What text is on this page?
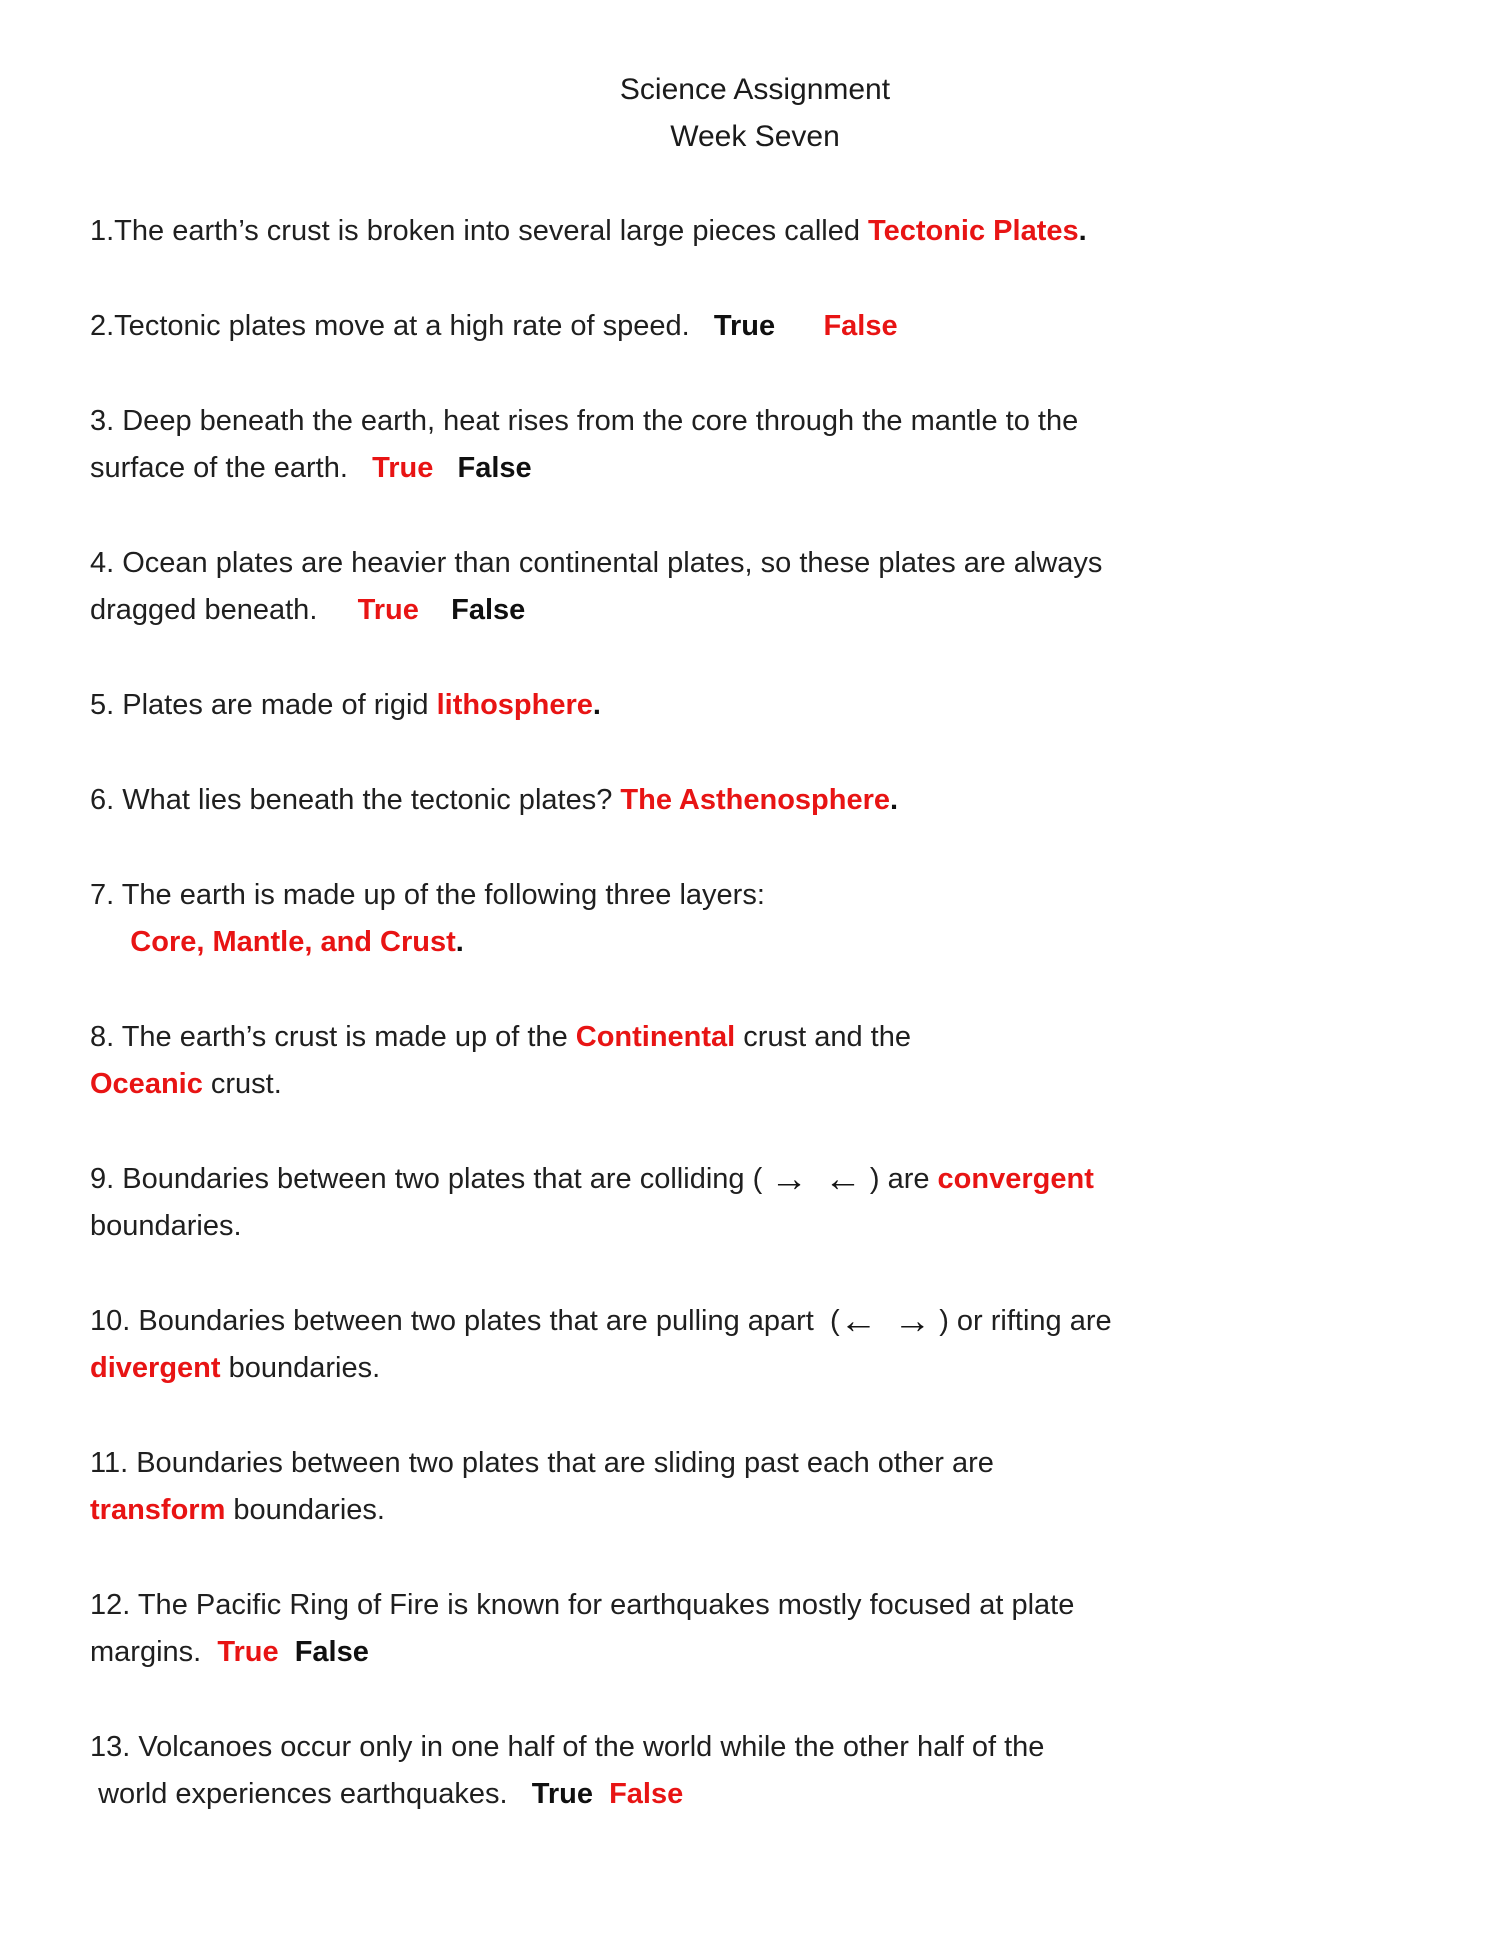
Science Assignment
Week Seven

1.The earth’s crust is broken into several large pieces called Tectonic Plates.

2.Tectonic plates move at a high rate of speed.   True False

3. Deep beneath the earth, heat rises from the core through the mantle to the
surface of the earth.   True False

4. Ocean plates are heavier than continental plates, so these plates are always
dragged beneath.     True False

5. Plates are made of rigid lithosphere.

6. What lies beneath the tectonic plates? The Asthenosphere.

7. The earth is made up of the following three layers:
Core, Mantle, and Crust.

8. The earth’s crust is made up of the Continental crust and the
Oceanic crust.

9. Boundaries between two plates that are colliding ( → ← ) are convergent
boundaries.

10. Boundaries between two plates that are pulling apart  (← → ) or rifting are
divergent boundaries.

11. Boundaries between two plates that are sliding past each other are
transform boundaries.

12. The Pacific Ring of Fire is known for earthquakes mostly focused at plate
margins.  True False

13. Volcanoes occur only in one half of the world while the other half of the
world experiences earthquakes.   True False
